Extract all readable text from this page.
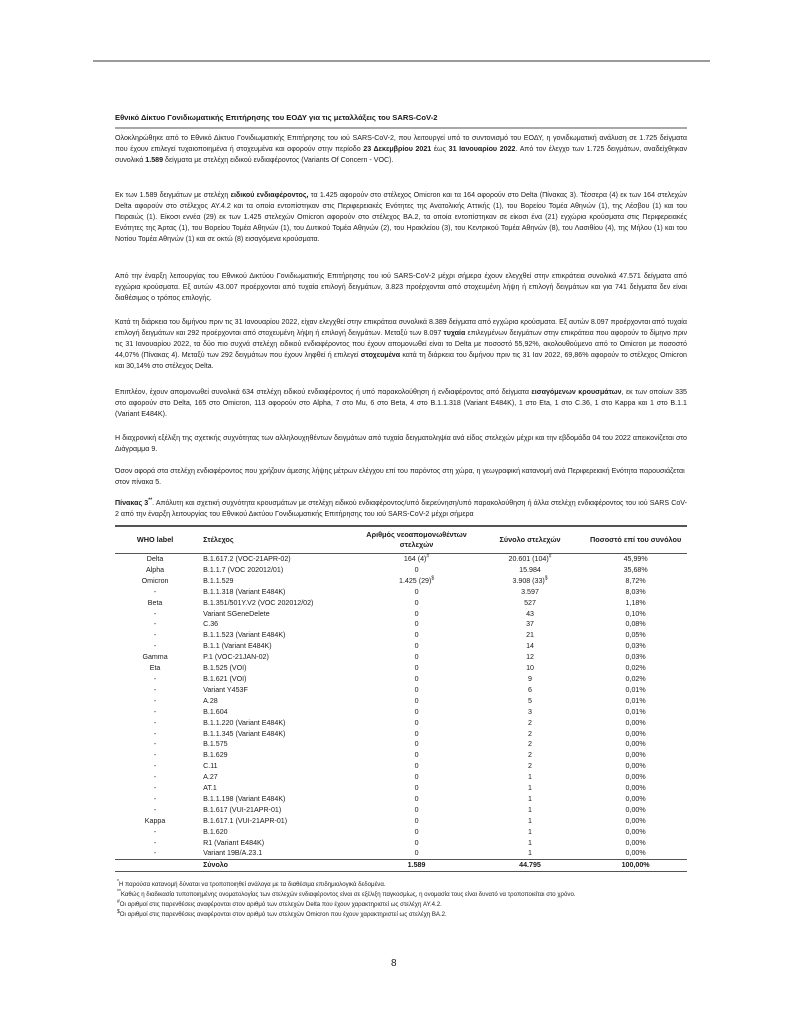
Εθνικό Δίκτυο Γονιδιωματικής Επιτήρησης του ΕΟΔΥ για τις μεταλλάξεις του SARS-CoV-2

Ολοκληρώθηκε από το Εθνικό Δίκτυο Γονιδιωματικής Επιτήρησης του ιού SARS-CoV-2, που λειτουργεί υπό το συντονισμό του ΕΟΔΥ, η γονιδιωματική ανάλυση σε 1.725 δείγματα που έχουν επιλεγεί τυχαιοποιημένα ή στοχευμένα και αφορούν στην περίοδο 23 Δεκεμβρίου 2021 έως 31 Ιανουαρίου 2022. Από τον έλεγχο των 1.725 δειγμάτων, αναδείχθηκαν συνολικά 1.589 δείγματα με στελέχη ειδικού ενδιαφέροντος (Variants Of Concern - VOC).

Εκ των 1.589 δειγμάτων με στελέχη ειδικού ενδιαφέροντος, τα 1.425 αφορούν στο στέλεχος Omicron και τα 164 αφορούν στο Delta (Πίνακας 3). Τέσσερα (4) εκ των 164 στελεχών Delta αφορούν στο στέλεχος AY.4.2 και τα οποία εντοπίστηκαν στις Περιφερειακές Ενότητες της Ανατολικής Αττικής (1), του Βορείου Τομέα Αθηνών (1), της Λέσβου (1) και του Πειραιώς (1). Είκοσι εννέα (29) εκ των 1.425 στελεχών Omicron αφορούν στο στέλεχος BA.2, τα οποία εντοπίστηκαν σε είκοσι ένα (21) εγχώρια κρούσματα στις Περιφερειακές Ενότητες της Άρτας (1), του Βορείου Τομέα Αθηνών (1), του Δυτικού Τομέα Αθηνών (2), του Ηρακλείου (3), του Κεντρικού Τομέα Αθηνών (8), του Λασιθίου (4), της Μήλου (1) και του Νοτίου Τομέα Αθηνών (1) και σε οκτώ (8) εισαγόμενα κρούσματα.

Από την έναρξη λειτουργίας του Εθνικού Δικτύου Γονιδιωματικής Επιτήρησης του ιού SARS-CoV-2 μέχρι σήμερα έχουν ελεγχθεί στην επικράτεια συνολικά 47.571 δείγματα από εγχώρια κρούσματα. Εξ αυτών 43.007 προέρχονται από τυχαία επιλογή δειγμάτων, 3.823 προέρχονται από στοχευμένη λήψη ή επιλογή δειγμάτων και για 741 δείγματα δεν είναι διαθέσιμος ο τρόπος επιλογής.

Κατά τη διάρκεια του διμήνου πριν τις 31 Ιανουαρίου 2022, είχαν ελεγχθεί στην επικράτεια συνολικά 8.389 δείγματα από εγχώρια κρούσματα. Εξ αυτών 8.097 προέρχονται από τυχαία επιλογή δειγμάτων και 292 προέρχονται από στοχευμένη λήψη ή επιλογή δειγμάτων. Μεταξύ των 8.097 τυχαία επιλεγμένων δειγμάτων στην επικράτεια που αφορούν το δίμηνο πριν τις 31 Ιανουαρίου 2022, τα δύο πιο συχνά στελέχη ειδικού ενδιαφέροντος που έχουν απομονωθεί είναι το Delta με ποσοστό 55,92%, ακολουθούμενο από το Omicron με ποσοστό 44,07% (Πίνακας 4). Μεταξύ των 292 δειγμάτων που έχουν ληφθεί ή επιλεγεί στοχευμένα κατά τη διάρκεια του διμήνου πριν τις 31 Ιαν 2022, 69,86% αφορούν το στέλεχος Omicron και 30,14% στο στέλεχος Delta.

Επιπλέον, έχουν απομονωθεί συνολικά 634 στελέχη ειδικού ενδιαφέροντος ή υπό παρακολούθηση ή ενδιαφέροντος από δείγματα εισαγόμενων κρουσμάτων, εκ των οποίων 335 στο αφορούν στο Delta, 165 στο Omicron, 113 αφορούν στο Alpha, 7 στο Mu, 6 στο Beta, 4 στο B.1.1.318 (Variant E484K), 1 στο Eta, 1 στο C.36, 1 στο Kappa και 1 στο B.1.1 (Variant E484K).

Η διαχρονική εξέλιξη της σχετικής συχνότητας των αλληλουχηθέντων δειγμάτων από τυχαία δειγματοληψία ανά είδος στελεχών μέχρι και την εβδομάδα 04 του 2022 απεικονίζεται στο Διάγραμμα 9.

Όσον αφορά στα στελέχη ενδιαφέροντος που χρήζουν άμεσης λήψης μέτρων ελέγχου επί του παρόντος στη χώρα, η γεωγραφική κατανομή ανά Περιφερειακή Ενότητα παρουσιάζεται στον πίνακα 5.

Πίνακας 3**. Απόλυτη και σχετική συχνότητα κρουσμάτων με στελέχη ειδικού ενδιαφέροντος/υπό διερεύνηση/υπό παρακολούθηση ή άλλα στελέχη ενδιαφέροντος του ιού SARS CoV-2 από την έναρξη λειτουργίας του Εθνικού Δικτύου Γονιδιωματικής Επιτήρησης του ιού SARS-CoV-2 μέχρι σήμερα

WHO label	Στέλεχος	Αριθμός νεοαπομονωθέντων στελεχών	Σύνολο στελεχών	Ποσοστό επί του συνόλου
Delta	B.1.617.2 (VOC-21APR-02)	164 (4)#	20.601 (104)#	45,99%
Alpha	B.1.1.7 (VOC 202012/01)	0	15.984	35,68%
Omicron	B.1.1.529	1.425 (29)$	3.908 (33)$	8,72%
-	B.1.1.318 (Variant E484K)	0	3.597	8,03%
Beta	B.1.351/501Y.V2 (VOC 202012/02)	0	527	1,18%
-	Variant SGeneDelete	0	43	0,10%
-	C.36	0	37	0,08%
-	B.1.1.523 (Variant E484K)	0	21	0,05%
-	B.1.1 (Variant E484K)	0	14	0,03%
Gamma	P.1 (VOC-21JAN-02)	0	12	0,03%
Eta	B.1.525 (VOI)	0	10	0,02%
-	B.1.621 (VOI)	0	9	0,02%
-	Variant Y453F	0	6	0,01%
-	A.28	0	5	0,01%
-	B.1.604	0	3	0,01%
-	B.1.1.220 (Variant E484K)	0	2	0,00%
-	B.1.1.345 (Variant E484K)	0	2	0,00%
-	B.1.575	0	2	0,00%
-	B.1.629	0	2	0,00%
-	C.11	0	2	0,00%
-	A.27	0	1	0,00%
-	AT.1	0	1	0,00%
-	B.1.1.198 (Variant E484K)	0	1	0,00%
-	B.1.617 (VUI-21APR-01)	0	1	0,00%
Kappa	B.1.617.1 (VUI-21APR-01)	0	1	0,00%
-	B.1.620	0	1	0,00%
-	R1 (Variant E484K)	0	1	0,00%
-	Variant 19B/A.23.1	0	1	0,00%
	Σύνολο	1.589	44.795	100,00%
*Η παρούσα κατανομή δύναται να τροποποιηθεί ανάλογα με τα διαθέσιμα επιδημιολογικά δεδομένα.
**Καθώς η διαδικασία τυποποιημένης ονοματολογίας των στελεχών ενδιαφέροντος είναι σε εξέλιξη παγκοσμίως, η ονομασία τους είναι δυνατό να τροποποιείται στο χρόνο.
#Οι αριθμοί στις παρενθέσεις αναφέρονται στον αριθμό των στελεχών Delta που έχουν χαρακτηριστεί ως στελέχη AY.4.2.
$Οι αριθμοί στις παρενθέσεις αναφέρονται στον αριθμό των στελεχών Omicron που έχουν χαρακτηριστεί ως στελέχη BA.2.
8
